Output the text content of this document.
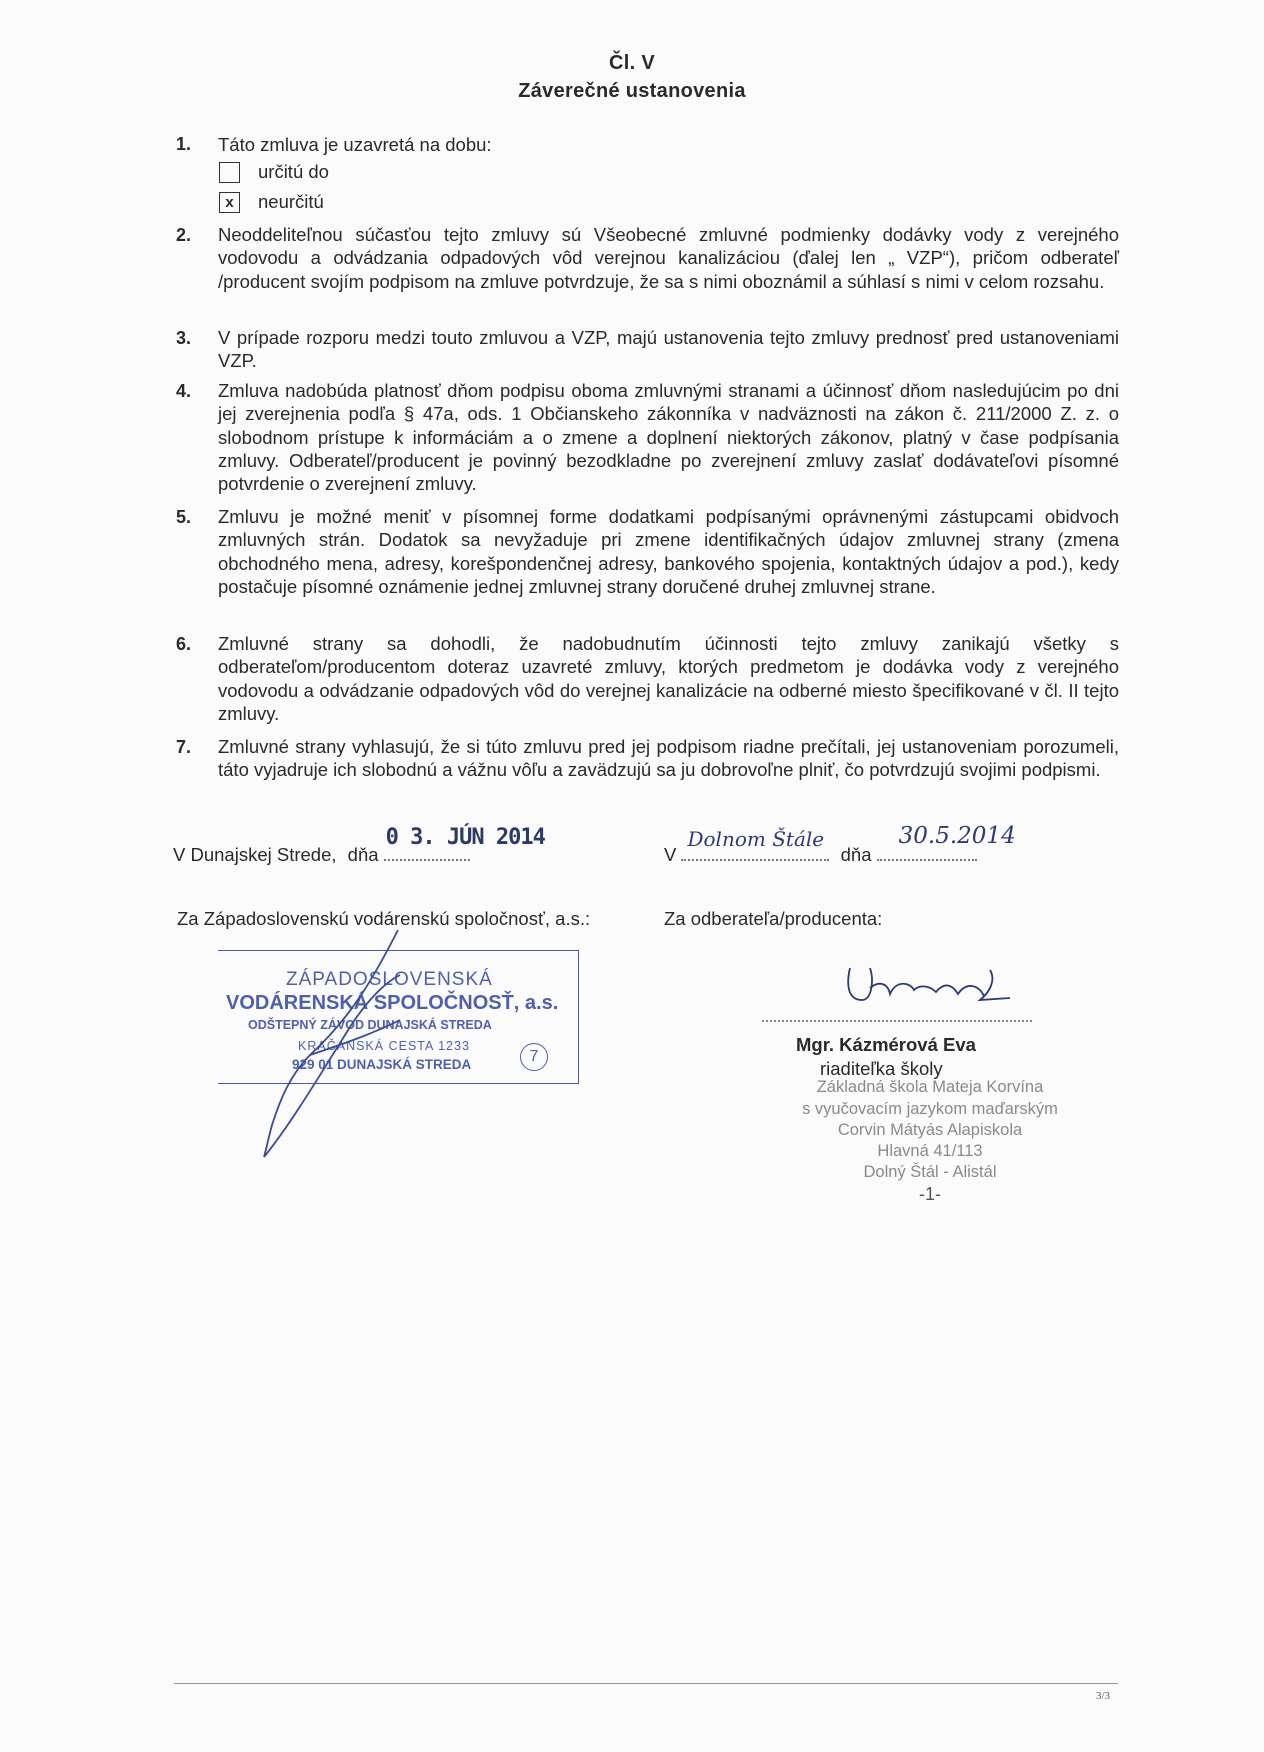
Čl. V
Záverečné ustanovenia
1.	Táto zmluva je uzavretá na dobu:
určitú do
x	neurčitú
2.	Neoddeliteľnou súčasťou tejto zmluvy sú Všeobecné zmluvné podmienky dodávky vody z verejného vodovodu a odvádzania odpadových vôd verejnou kanalizáciou (ďalej len „ VZP“), pričom odberateľ /producent svojím podpisom na zmluve potvrdzuje, že sa s nimi oboznámil a súhlasí s nimi v celom rozsahu.
3.	V prípade rozporu medzi touto zmluvou a VZP, majú ustanovenia tejto zmluvy prednosť pred ustanoveniami VZP.
4.	Zmluva nadobúda platnosť dňom podpisu oboma zmluvnými stranami a účinnosť dňom nasledujúcim po dni jej zverejnenia podľa § 47a, ods. 1 Občianskeho zákonníka v nadväznosti na zákon č. 211/2000 Z. z. o slobodnom prístupe k informáciám a o zmene a doplnení niektorých zákonov, platný v čase podpísania zmluvy. Odberateľ/producent je povinný bezodkladne po zverejnení zmluvy zaslať dodávateľovi písomné potvrdenie o zverejnení zmluvy.
5.	Zmluvu je možné meniť v písomnej forme dodatkami podpísanými oprávnenými zástupcami obidvoch zmluvných strán. Dodatok sa nevyžaduje pri zmene identifikačných údajov zmluvnej strany (zmena obchodného mena, adresy, korešpondenčnej adresy, bankového spojenia, kontaktných údajov a pod.), kedy postačuje písomné oznámenie jednej zmluvnej strany doručené druhej zmluvnej strane.
6.	Zmluvné strany sa dohodli, že nadobudnutím účinnosti tejto zmluvy zanikajú všetky s odberateľom/producentom doteraz uzavreté zmluvy, ktorých predmetom je dodávka vody z verejného vodovodu a odvádzanie odpadových vôd do verejnej kanalizácie na odberné miesto špecifikované v čl. II tejto zmluvy.
7.	Zmluvné strany vyhlasujú, že si túto zmluvu pred jej podpisom riadne prečítali, jej ustanoveniam porozumeli, táto vyjadruje ich slobodnú a vážnu vôľu a zavädzujú sa ju dobrovoľne plniť, čo potvrdzujú svojimi podpismi.
V Dunajskej Strede, dňa
0 3. JÚN 2014
V
Dolnom Štále
dňa
30.5.2014
Za Západoslovenskú vodárenskú spoločnosť, a.s.:	Za odberateľa/producenta:
ZÁPADOSLOVENSKÁ
VODÁRENSKÁ SPOLOČNOSŤ, a.s.
ODŠTEPNÝ ZÁVOD DUNAJSKÁ STREDA
KRAČANSKÁ CESTA 1233
929 01 DUNAJSKÁ STREDA	7
Mgr. Kázmérová Eva
riaditeľka školy
Základná škola Mateja Korvína
s vyučovacím jazykom maďarským
Corvin Mátyás Alapiskola
Hlavná 41/113
Dolný Štál - Alistál
-1-
3/3
